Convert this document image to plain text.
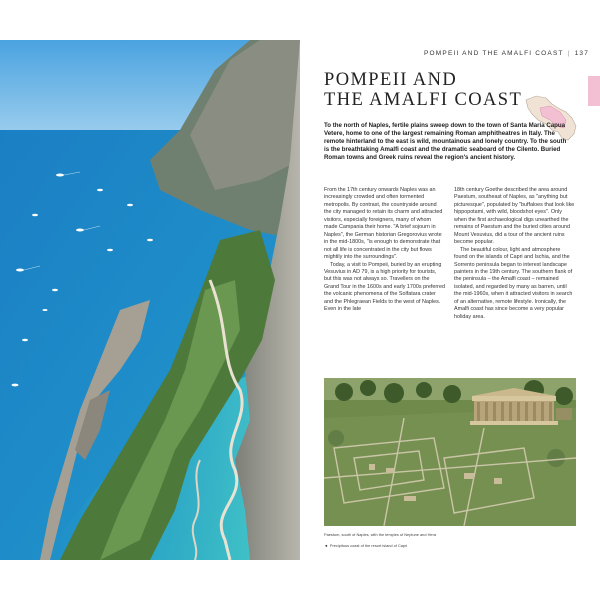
POMPEII AND THE AMALFI COAST | 137
POMPEII AND
THE AMALFI COAST
To the north of Naples, fertile plains sweep down to the town of Santa Maria Capua Vetere, home to one of the largest remaining Roman amphitheatres in Italy. The remote hinterland to the east is wild, mountainous and lonely country. To the south is the breathtaking Amalfi coast and the dramatic seaboard of the Cilento. Buried Roman towns and Greek ruins reveal the region's ancient history.

From the 17th century onwards Naples was an increasingly crowded and often tormented metropolis. By contrast, the countryside around the city managed to retain its charm and attracted visitors, especially foreigners, many of whom made Campania their home. "A brief sojourn in Naples", the German historian Gregorovius wrote in the mid-1800s, "is enough to demonstrate that not all life is concentrated in the city but flows mightily into the surroundings".

Today, a visit to Pompeii, buried by an erupting Vesuvius in AD 79, is a high priority for tourists, but this was not always so. Travellers on the Grand Tour in the 1600s and early 1700s preferred the volcanic phenomena of the Solfatara crater and the Phlegraean Fields to the west of Naples. Even in the late

18th century Goethe described the area around Paestum, southeast of Naples, as "anything but picturesque", populated by "buffaloes that look like hippopotami, with wild, bloodshot eyes". Only when the first archaeological digs unearthed the remains of Paestum and the buried cities around Mount Vesuvius, did a tour of the ancient ruins become popular.

The beautiful colour, light and atmosphere found on the islands of Capri and Ischia, and the Sorrento peninsula began to interest landscape painters in the 19th century. The southern flank of the peninsula – the Amalfi coast – remained isolated, and regarded by many as barren, until the mid-1960s, when it attracted visitors in search of an alternative, remote lifestyle. Ironically, the Amalfi coast has since become a very popular holiday area.

Paestum, south of Naples, with the temples of Neptune and Hera
◄ Precipitous coast of the resort island of Capri
